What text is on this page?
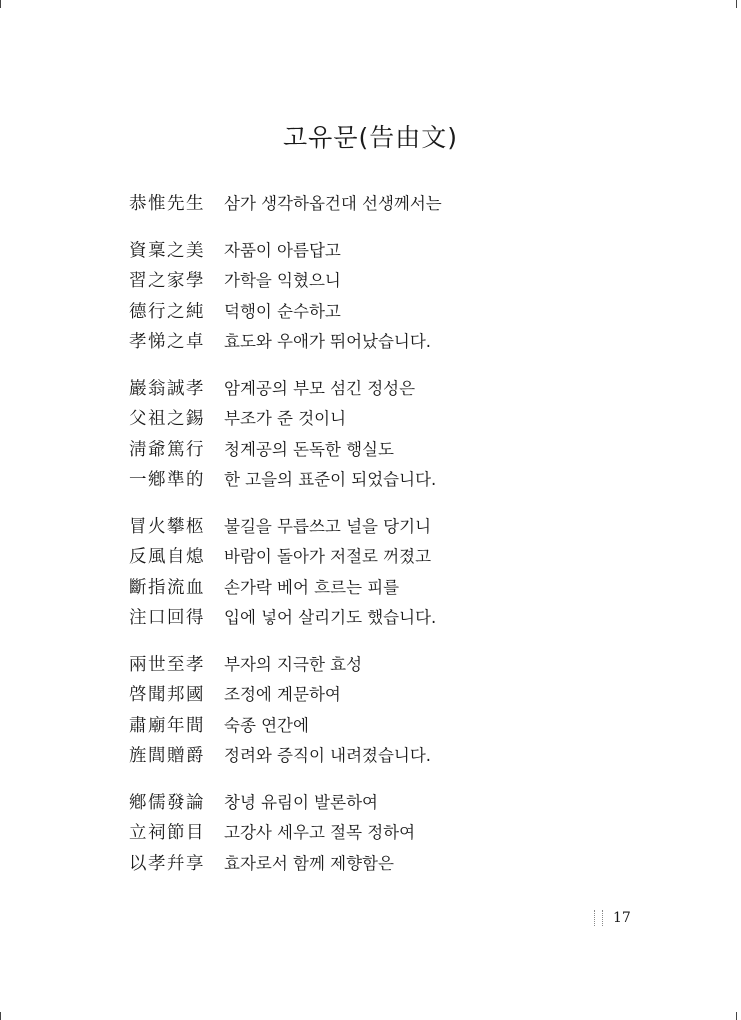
고유문(告由文)
恭惟先生	삼가 생각하옵건대 선생께서는
資稟之美	자품이 아름답고
習之家學	가학을 익혔으니
德行之純	덕행이 순수하고
孝悌之卓	효도와 우애가 뛰어났습니다.
巖翁誠孝	암계공의 부모 섬긴 정성은
父祖之錫	부조가 준 것이니
淸爺篤行	청계공의 돈독한 행실도
一鄕準的	한 고을의 표준이 되었습니다.
冒火攀柩	불길을 무릅쓰고 널을 당기니
反風自熄	바람이 돌아가 저절로 꺼졌고
斷指流血	손가락 베어 흐르는 피를
注口回得	입에 넣어 살리기도 했습니다.
兩世至孝	부자의 지극한 효성
啓聞邦國	조정에 계문하여
肅廟年間	숙종 연간에
旌閭贈爵	정려와 증직이 내려졌습니다.
鄕儒發論	창녕 유림이 발론하여
立祠節目	고강사 세우고 절목 정하여
以孝幷享	효자로서 함께 제향함은
17
